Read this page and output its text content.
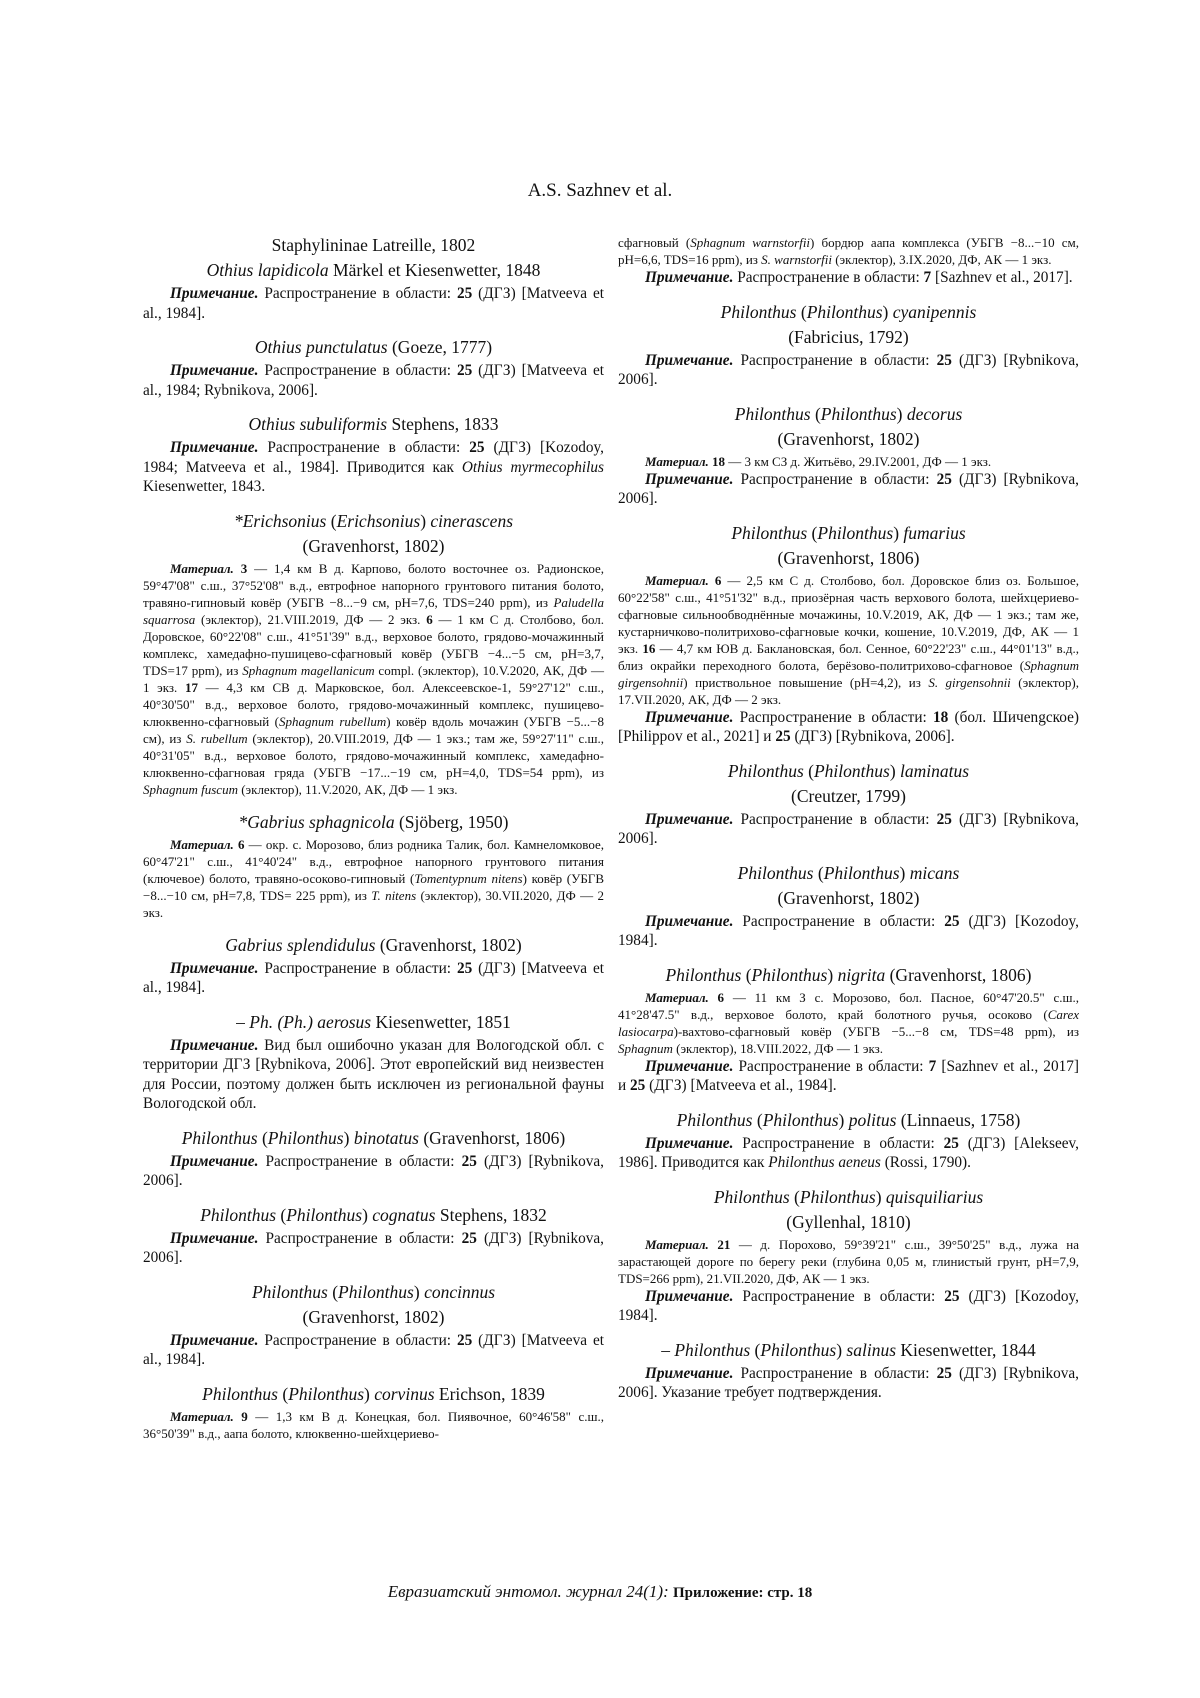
A.S. Sazhnev et al.
Staphylininae Latreille, 1802
Othius lapidicola Märkel et Kiesenwetter, 1848
Примечание. Распространение в области: 25 (ДГЗ) [Matveeva et al., 1984].
Othius punctulatus (Goeze, 1777)
Примечание. Распространение в области: 25 (ДГЗ) [Matveeva et al., 1984; Rybnikova, 2006].
Othius subuliformis Stephens, 1833
Примечание. Распространение в области: 25 (ДГЗ) [Kozodoy, 1984; Matveeva et al., 1984]. Приводится как Othius myrmecophilus Kiesenwetter, 1843.
*Erichsonius (Erichsonius) cinerascens
(Gravenhorst, 1802)
Материал. 3 — 1,4 км В д. Карпово, болото восточнее оз. Радионское, 59°47'08" с.ш., 37°52'08" в.д., евтрофное напорного грунтового питания болото, травяно-гипновый ковёр (УБГВ −8...−9 см, pH=7,6, TDS=240 ppm), из Paludella squarrosa (эклектор), 21.VIII.2019, ДФ — 2 экз. 6 — 1 км С д. Столбово, бол. Доровское, 60°22'08" с.ш., 41°51'39" в.д., верховое болото, грядово-мочажинный комплекс, хамедафно-пушицево-сфагновый ковёр (УБГВ −4...−5 см, pH=3,7, TDS=17 ppm), из Sphagnum magellanicum compl. (эклектор), 10.V.2020, АК, ДФ — 1 экз. 17 — 4,3 км СВ д. Марковское, бол. Алексеевское-1, 59°27'12" с.ш., 40°30'50" в.д., верховое болото, грядово-мочажинный комплекс, пушицево-клюквенно-сфагновый (Sphagnum rubellum) ковёр вдоль мочажин (УБГВ −5...−8 см), из S. rubellum (эклектор), 20.VIII.2019, ДФ — 1 экз.; там же, 59°27'11" с.ш., 40°31'05" в.д., верховое болото, грядово-мочажинный комплекс, хамедафно-клюквенно-сфагновая гряда (УБГВ −17...−19 см, pH=4,0, TDS=54 ppm), из Sphagnum fuscum (эклектор), 11.V.2020, АК, ДФ — 1 экз.
*Gabrius sphagnicola (Sjöberg, 1950)
Материал. 6 — окр. с. Морозово, близ родника Талик, бол. Камнеломковое, 60°47'21" с.ш., 41°40'24" в.д., евтрофное напорного грунтового питания (ключевое) болото, травяно-осоково-гипновый (Tomentypnum nitens) ковёр (УБГВ −8...−10 см, pH=7,8, TDS= 225 ppm), из T. nitens (эклектор), 30.VII.2020, ДФ — 2 экз.
Gabrius splendidulus (Gravenhorst, 1802)
Примечание. Распространение в области: 25 (ДГЗ) [Matveeva et al., 1984].
– Ph. (Ph.) aerosus Kiesenwetter, 1851
Примечание. Вид был ошибочно указан для Вологодской обл. с территории ДГЗ [Rybnikova, 2006]. Этот европейский вид неизвестен для России, поэтому должен быть исключен из региональной фауны Вологодской обл.
Philonthus (Philonthus) binotatus (Gravenhorst, 1806)
Примечание. Распространение в области: 25 (ДГЗ) [Rybnikova, 2006].
Philonthus (Philonthus) cognatus Stephens, 1832
Примечание. Распространение в области: 25 (ДГЗ) [Rybnikova, 2006].
Philonthus (Philonthus) concinnus
(Gravenhorst, 1802)
Примечание. Распространение в области: 25 (ДГЗ) [Matveeva et al., 1984].
Philonthus (Philonthus) corvinus Erichson, 1839
Материал. 9 — 1,3 км В д. Конецкая, бол. Пиявочное, 60°46'58" с.ш., 36°50'39" в.д., аапа болото, клюквенно-шейхцериево-
сфагновый (Sphagnum warnstorfii) бордюр аапа комплекса (УБГВ −8...−10 см, pH=6,6, TDS=16 ppm), из S. warnstorfii (эклектор), 3.IX.2020, ДФ, АК — 1 экз.
Примечание. Распространение в области: 7 [Sazhnev et al., 2017].
Philonthus (Philonthus) cyanipennis
(Fabricius, 1792)
Примечание. Распространение в области: 25 (ДГЗ) [Rybnikova, 2006].
Philonthus (Philonthus) decorus
(Gravenhorst, 1802)
Материал. 18 — 3 км СЗ д. Житьёво, 29.IV.2001, ДФ — 1 экз.
Примечание. Распространение в области: 25 (ДГЗ) [Rybnikova, 2006].
Philonthus (Philonthus) fumarius
(Gravenhorst, 1806)
Материал. 6 — 2,5 км С д. Столбово, бол. Доровское близ оз. Большое, 60°22'58" с.ш., 41°51'32" в.д., приозёрная часть верхового болота, шейхцериево-сфагновые сильнообводнённые мочажины, 10.V.2019, АК, ДФ — 1 экз.; там же, кустарничково-политрихово-сфагновые кочки, кошение, 10.V.2019, ДФ, АК — 1 экз. 16 — 4,7 км ЮВ д. Баклановская, бол. Сенное, 60°22'23" с.ш., 44°01'13" в.д., близ окрайки переходного болота, берёзово-политрихово-сфагновое (Sphagnum girgensohnii) приствольное повышение (pH=4,2), из S. girgensohnii (эклектор), 17.VII.2020, АК, ДФ — 2 экз.
Примечание. Распространение в области: 18 (бол. Шичengское) [Philippov et al., 2021] и 25 (ДГЗ) [Rybnikova, 2006].
Philonthus (Philonthus) laminatus
(Creutzer, 1799)
Примечание. Распространение в области: 25 (ДГЗ) [Rybnikova, 2006].
Philonthus (Philonthus) micans
(Gravenhorst, 1802)
Примечание. Распространение в области: 25 (ДГЗ) [Kozodoy, 1984].
Philonthus (Philonthus) nigrita (Gravenhorst, 1806)
Материал. 6 — 11 км З с. Морозово, бол. Пасное, 60°47'20.5" с.ш., 41°28'47.5" в.д., верховое болото, край болотного ручья, осоково (Carex lasiocarpa)-вахтово-сфагновый ковёр (УБГВ −5...−8 см, TDS=48 ppm), из Sphagnum (эклектор), 18.VIII.2022, ДФ — 1 экз.
Примечание. Распространение в области: 7 [Sazhnev et al., 2017] и 25 (ДГЗ) [Matveeva et al., 1984].
Philonthus (Philonthus) politus (Linnaeus, 1758)
Примечание. Распространение в области: 25 (ДГЗ) [Alekseev, 1986]. Приводится как Philonthus aeneus (Rossi, 1790).
Philonthus (Philonthus) quisquiliarius
(Gyllenhal, 1810)
Материал. 21 — д. Порохово, 59°39'21" с.ш., 39°50'25" в.д., лужа на зарастающей дороге по берегу реки (глубина 0,05 м, глинистый грунт, pH=7,9, TDS=266 ppm), 21.VII.2020, ДФ, АК — 1 экз.
Примечание. Распространение в области: 25 (ДГЗ) [Kozodoy, 1984].
– Philonthus (Philonthus) salinus Kiesenwetter, 1844
Примечание. Распространение в области: 25 (ДГЗ) [Rybnikova, 2006]. Указание требует подтверждения.
Евразиатский энтомол. журнал 24(1): Приложение: стр. 18
